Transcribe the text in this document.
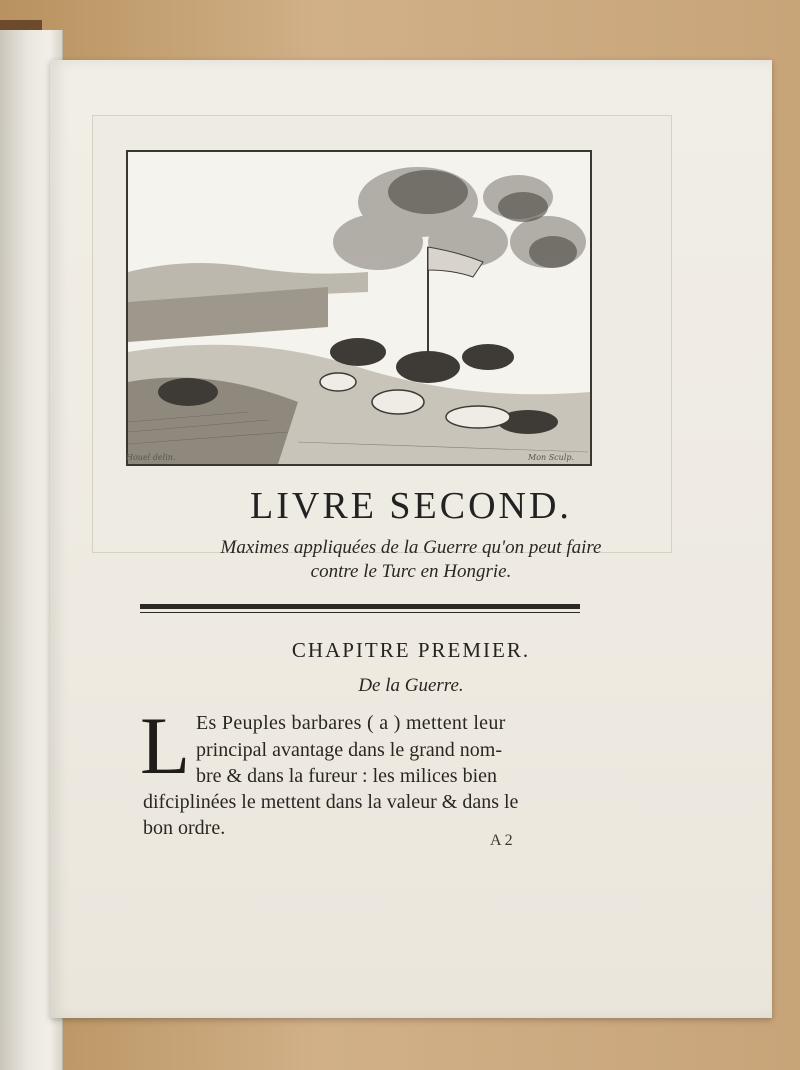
Houel delin.	Mon Sculp.
LIVRE SECOND.
Maximes appliquées de la Guerre qu'on peut faire
contre le Turc en Hongrie.
CHAPITRE PREMIER.
De la Guerre.
L Es Peuples barbares ( a ) mettent leur
principal avantage dans le grand nom-
bre & dans la fureur : les milices bien
difciplinées le mettent dans la valeur & dans le
bon ordre.
A 2
